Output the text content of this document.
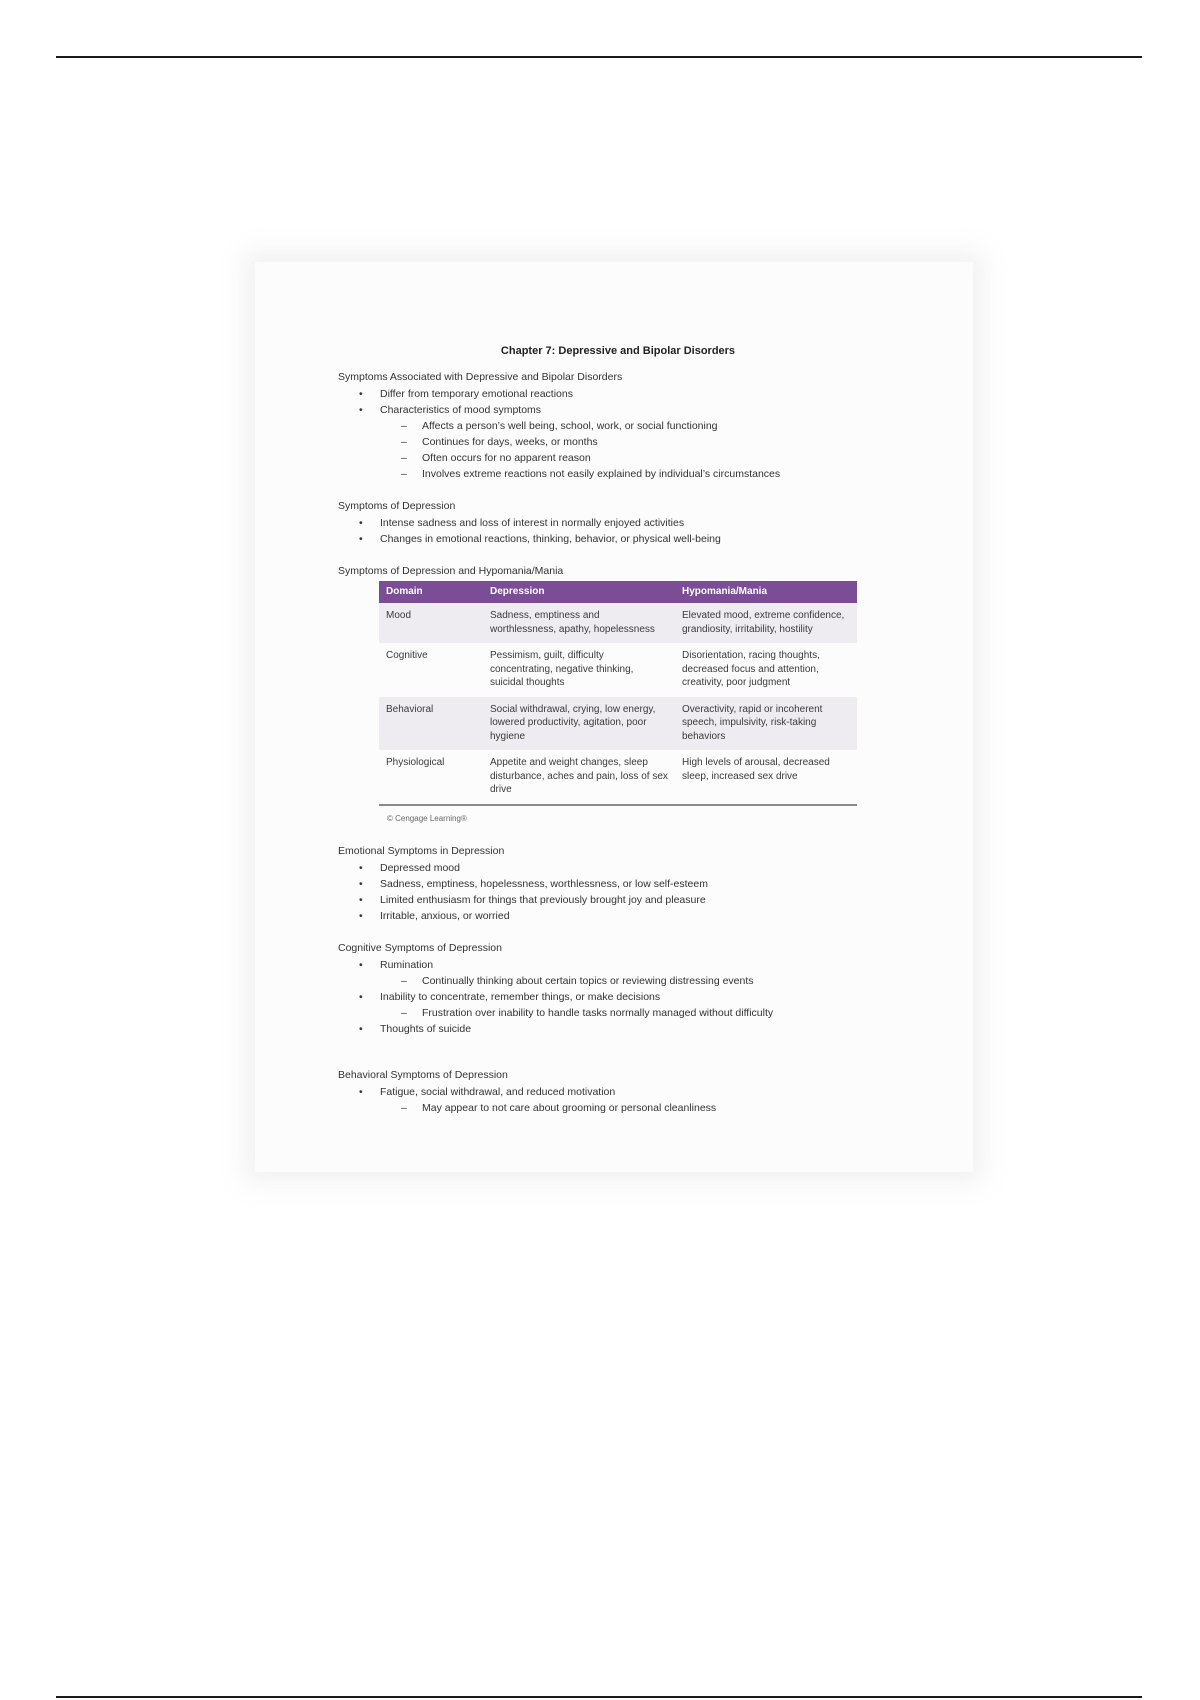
Chapter 7: Depressive and Bipolar Disorders
Symptoms Associated with Depressive and Bipolar Disorders
• Differ from temporary emotional reactions
• Characteristics of mood symptoms
– Affects a person’s well being, school, work, or social functioning
– Continues for days, weeks, or months
– Often occurs for no apparent reason
– Involves extreme reactions not easily explained by individual’s circumstances
Symptoms of Depression
• Intense sadness and loss of interest in normally enjoyed activities
• Changes in emotional reactions, thinking, behavior, or physical well-being
Symptoms of Depression and Hypomania/Mania
Domain	Depression	Hypomania/Mania
Mood	Sadness, emptiness and worthlessness, apathy, hopelessness	Elevated mood, extreme confidence, grandiosity, irritability, hostility
Cognitive	Pessimism, guilt, difficulty concentrating, negative thinking, suicidal thoughts	Disorientation, racing thoughts, decreased focus and attention, creativity, poor judgment
Behavioral	Social withdrawal, crying, low energy, lowered productivity, agitation, poor hygiene	Overactivity, rapid or incoherent speech, impulsivity, risk-taking behaviors
Physiological	Appetite and weight changes, sleep disturbance, aches and pain, loss of sex drive	High levels of arousal, decreased sleep, increased sex drive
© Cengage Learning®
Emotional Symptoms in Depression
• Depressed mood
• Sadness, emptiness, hopelessness, worthlessness, or low self-esteem
• Limited enthusiasm for things that previously brought joy and pleasure
• Irritable, anxious, or worried
Cognitive Symptoms of Depression
• Rumination
– Continually thinking about certain topics or reviewing distressing events
• Inability to concentrate, remember things, or make decisions
– Frustration over inability to handle tasks normally managed without difficulty
• Thoughts of suicide
Behavioral Symptoms of Depression
• Fatigue, social withdrawal, and reduced motivation
– May appear to not care about grooming or personal cleanliness
